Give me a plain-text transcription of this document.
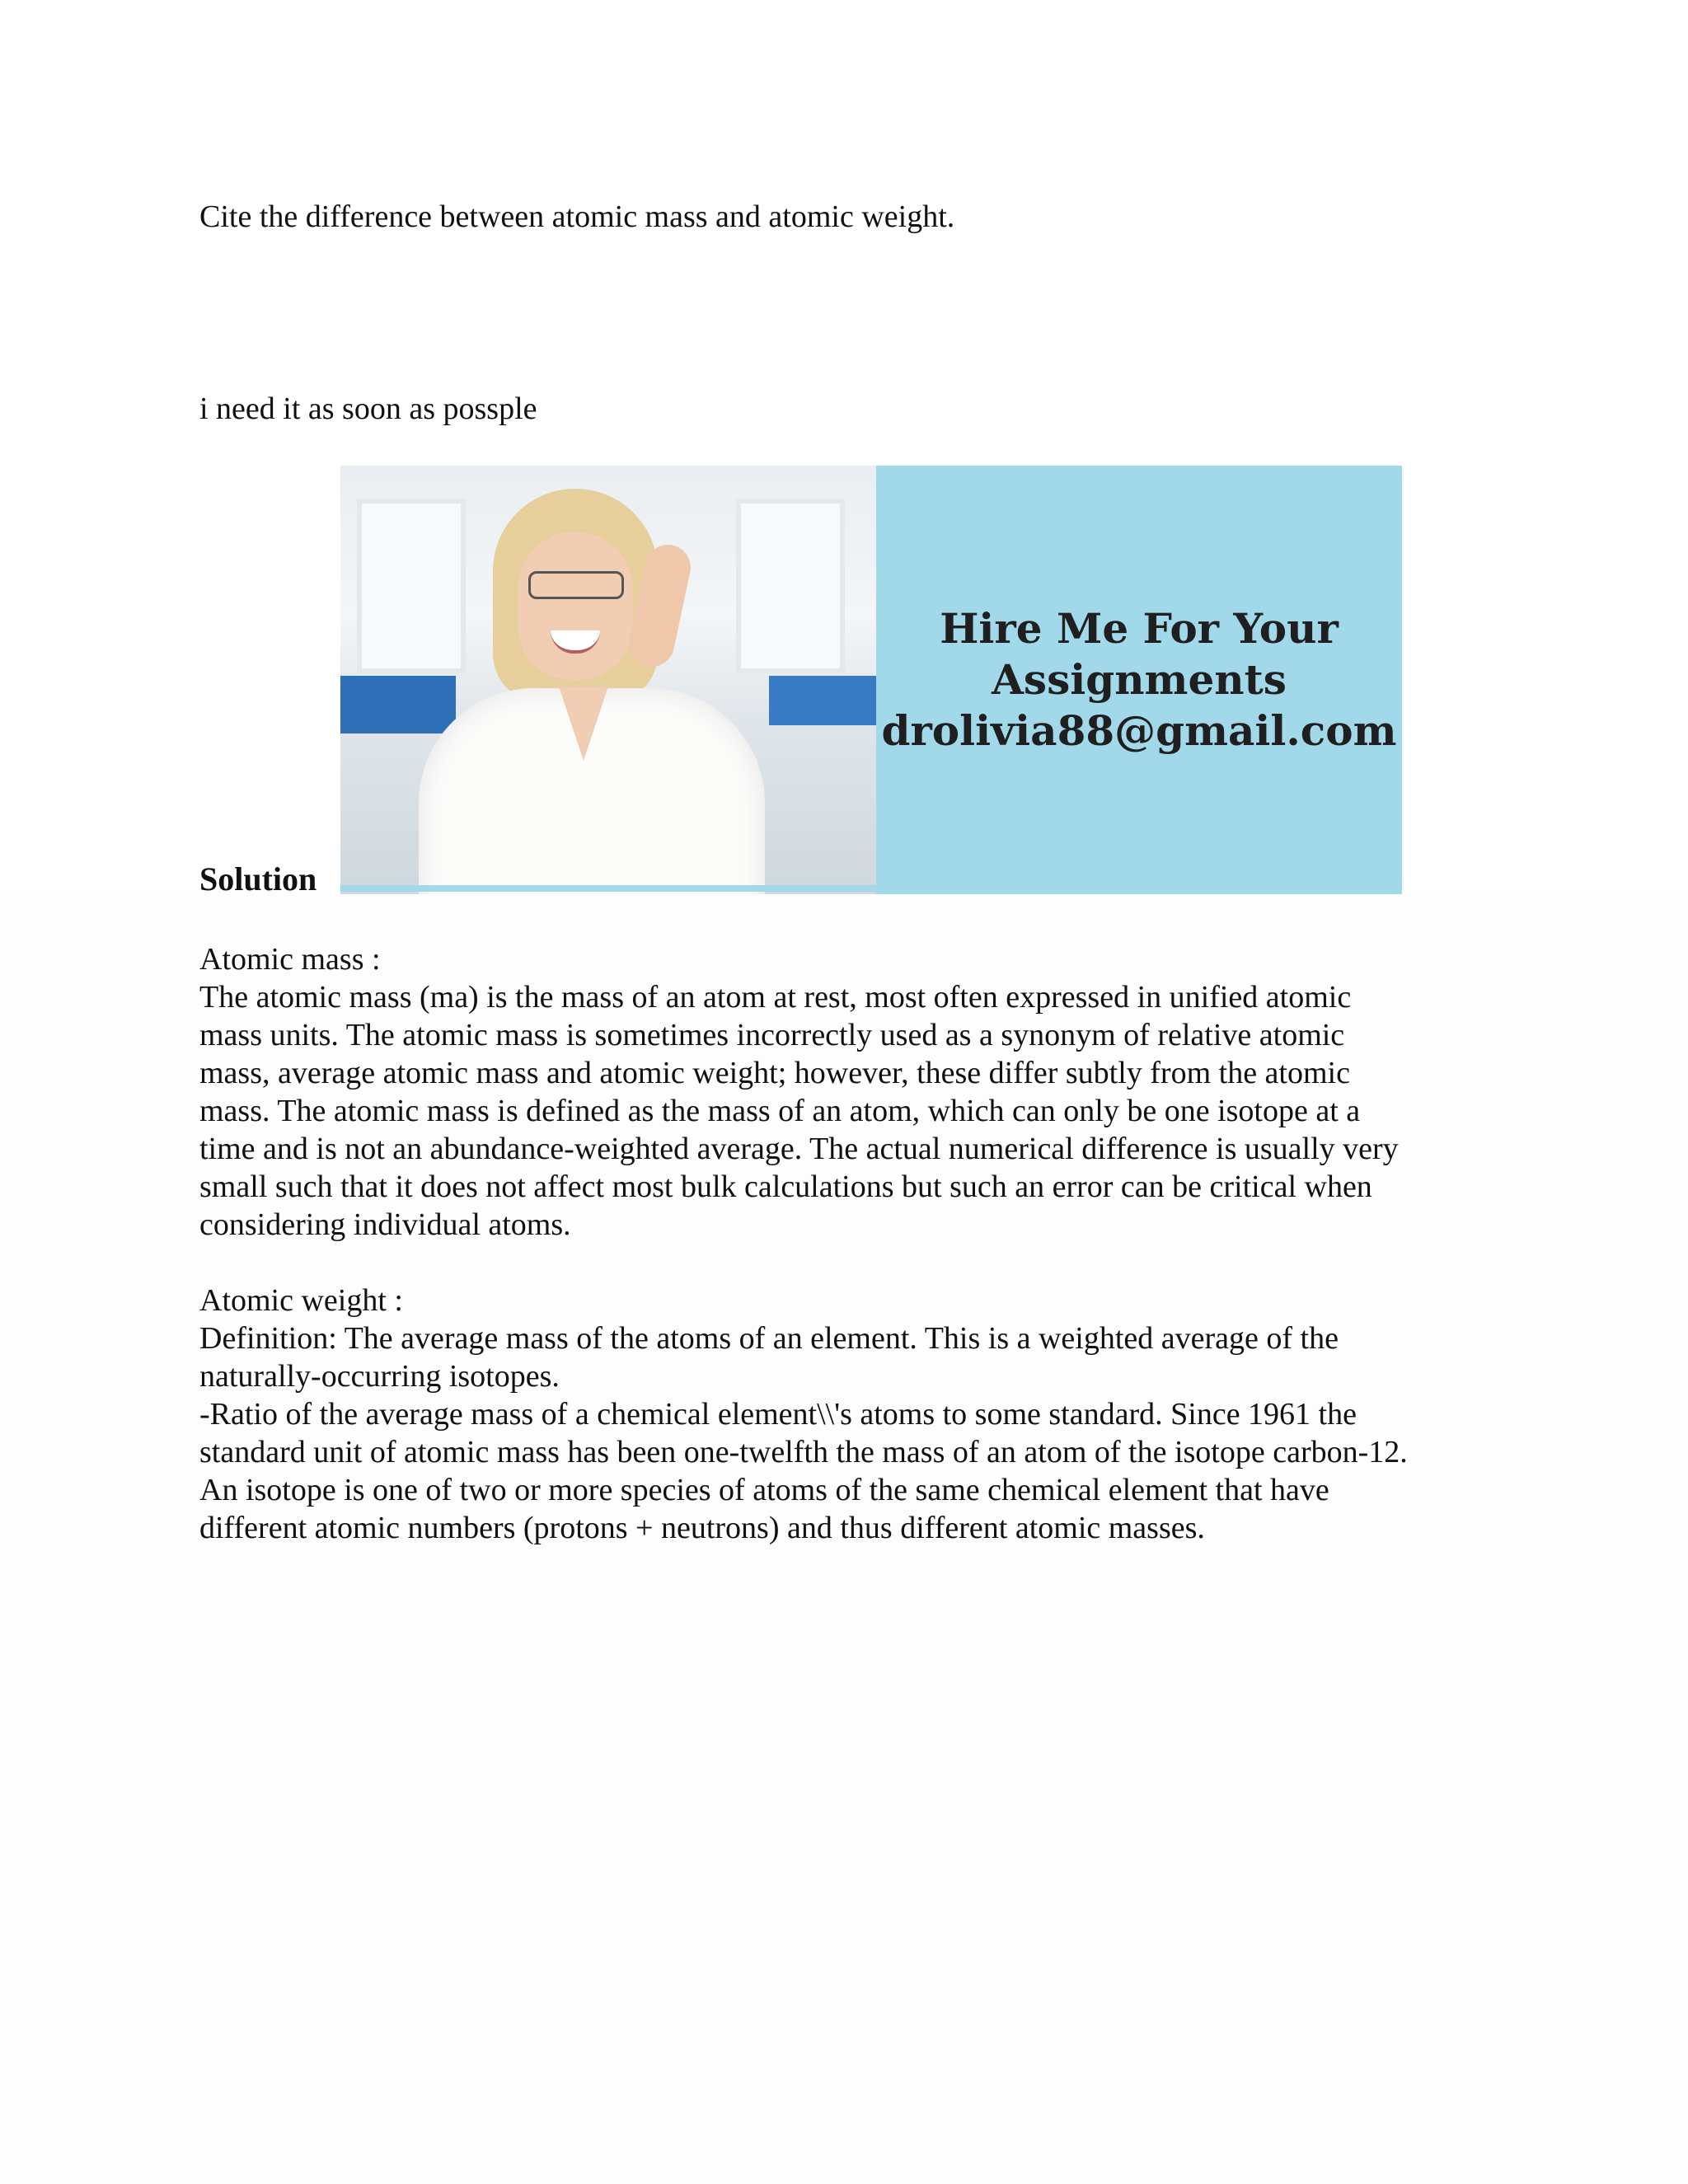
Cite the difference between atomic mass and atomic weight.
i need it as soon as possple
Hire Me For Your
Assignments
drolivia88@gmail.com
Solution

Atomic mass :

The atomic mass (ma) is the mass of an atom at rest, most often expressed in unified atomic

mass units. The atomic mass is sometimes incorrectly used as a synonym of relative atomic

mass, average atomic mass and atomic weight; however, these differ subtly from the atomic

mass. The atomic mass is defined as the mass of an atom, which can only be one isotope at a

time and is not an abundance-weighted average. The actual numerical difference is usually very

small such that it does not affect most bulk calculations but such an error can be critical when

considering individual atoms.

Atomic weight :

Definition: The average mass of the atoms of an element. This is a weighted average of the

naturally-occurring isotopes.

-Ratio of the average mass of a chemical element\\'s atoms to some standard. Since 1961 the

standard unit of atomic mass has been one-twelfth the mass of an atom of the isotope carbon-12.

An isotope is one of two or more species of atoms of the same chemical element that have

different atomic numbers (protons + neutrons) and thus different atomic masses.
